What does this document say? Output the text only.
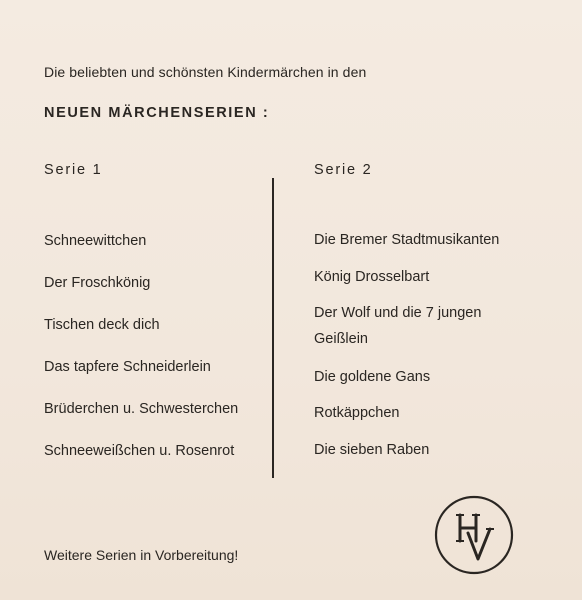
Die beliebten und schönsten Kindermärchen in den
NEUEN MÄRCHENSERIEN :
Serie 1	Serie 2
Schneewittchen
Der Froschkönig
Tischen deck dich
Das tapfere Schneiderlein
Brüderchen u. Schwesterchen
Schneeweißchen u. Rosenrot
Die Bremer Stadtmusikanten
König Drosselbart
Der Wolf und die 7 jungen Geißlein
Die goldene Gans
Rotkäppchen
Die sieben Raben
Weitere Serien in Vorbereitung!
